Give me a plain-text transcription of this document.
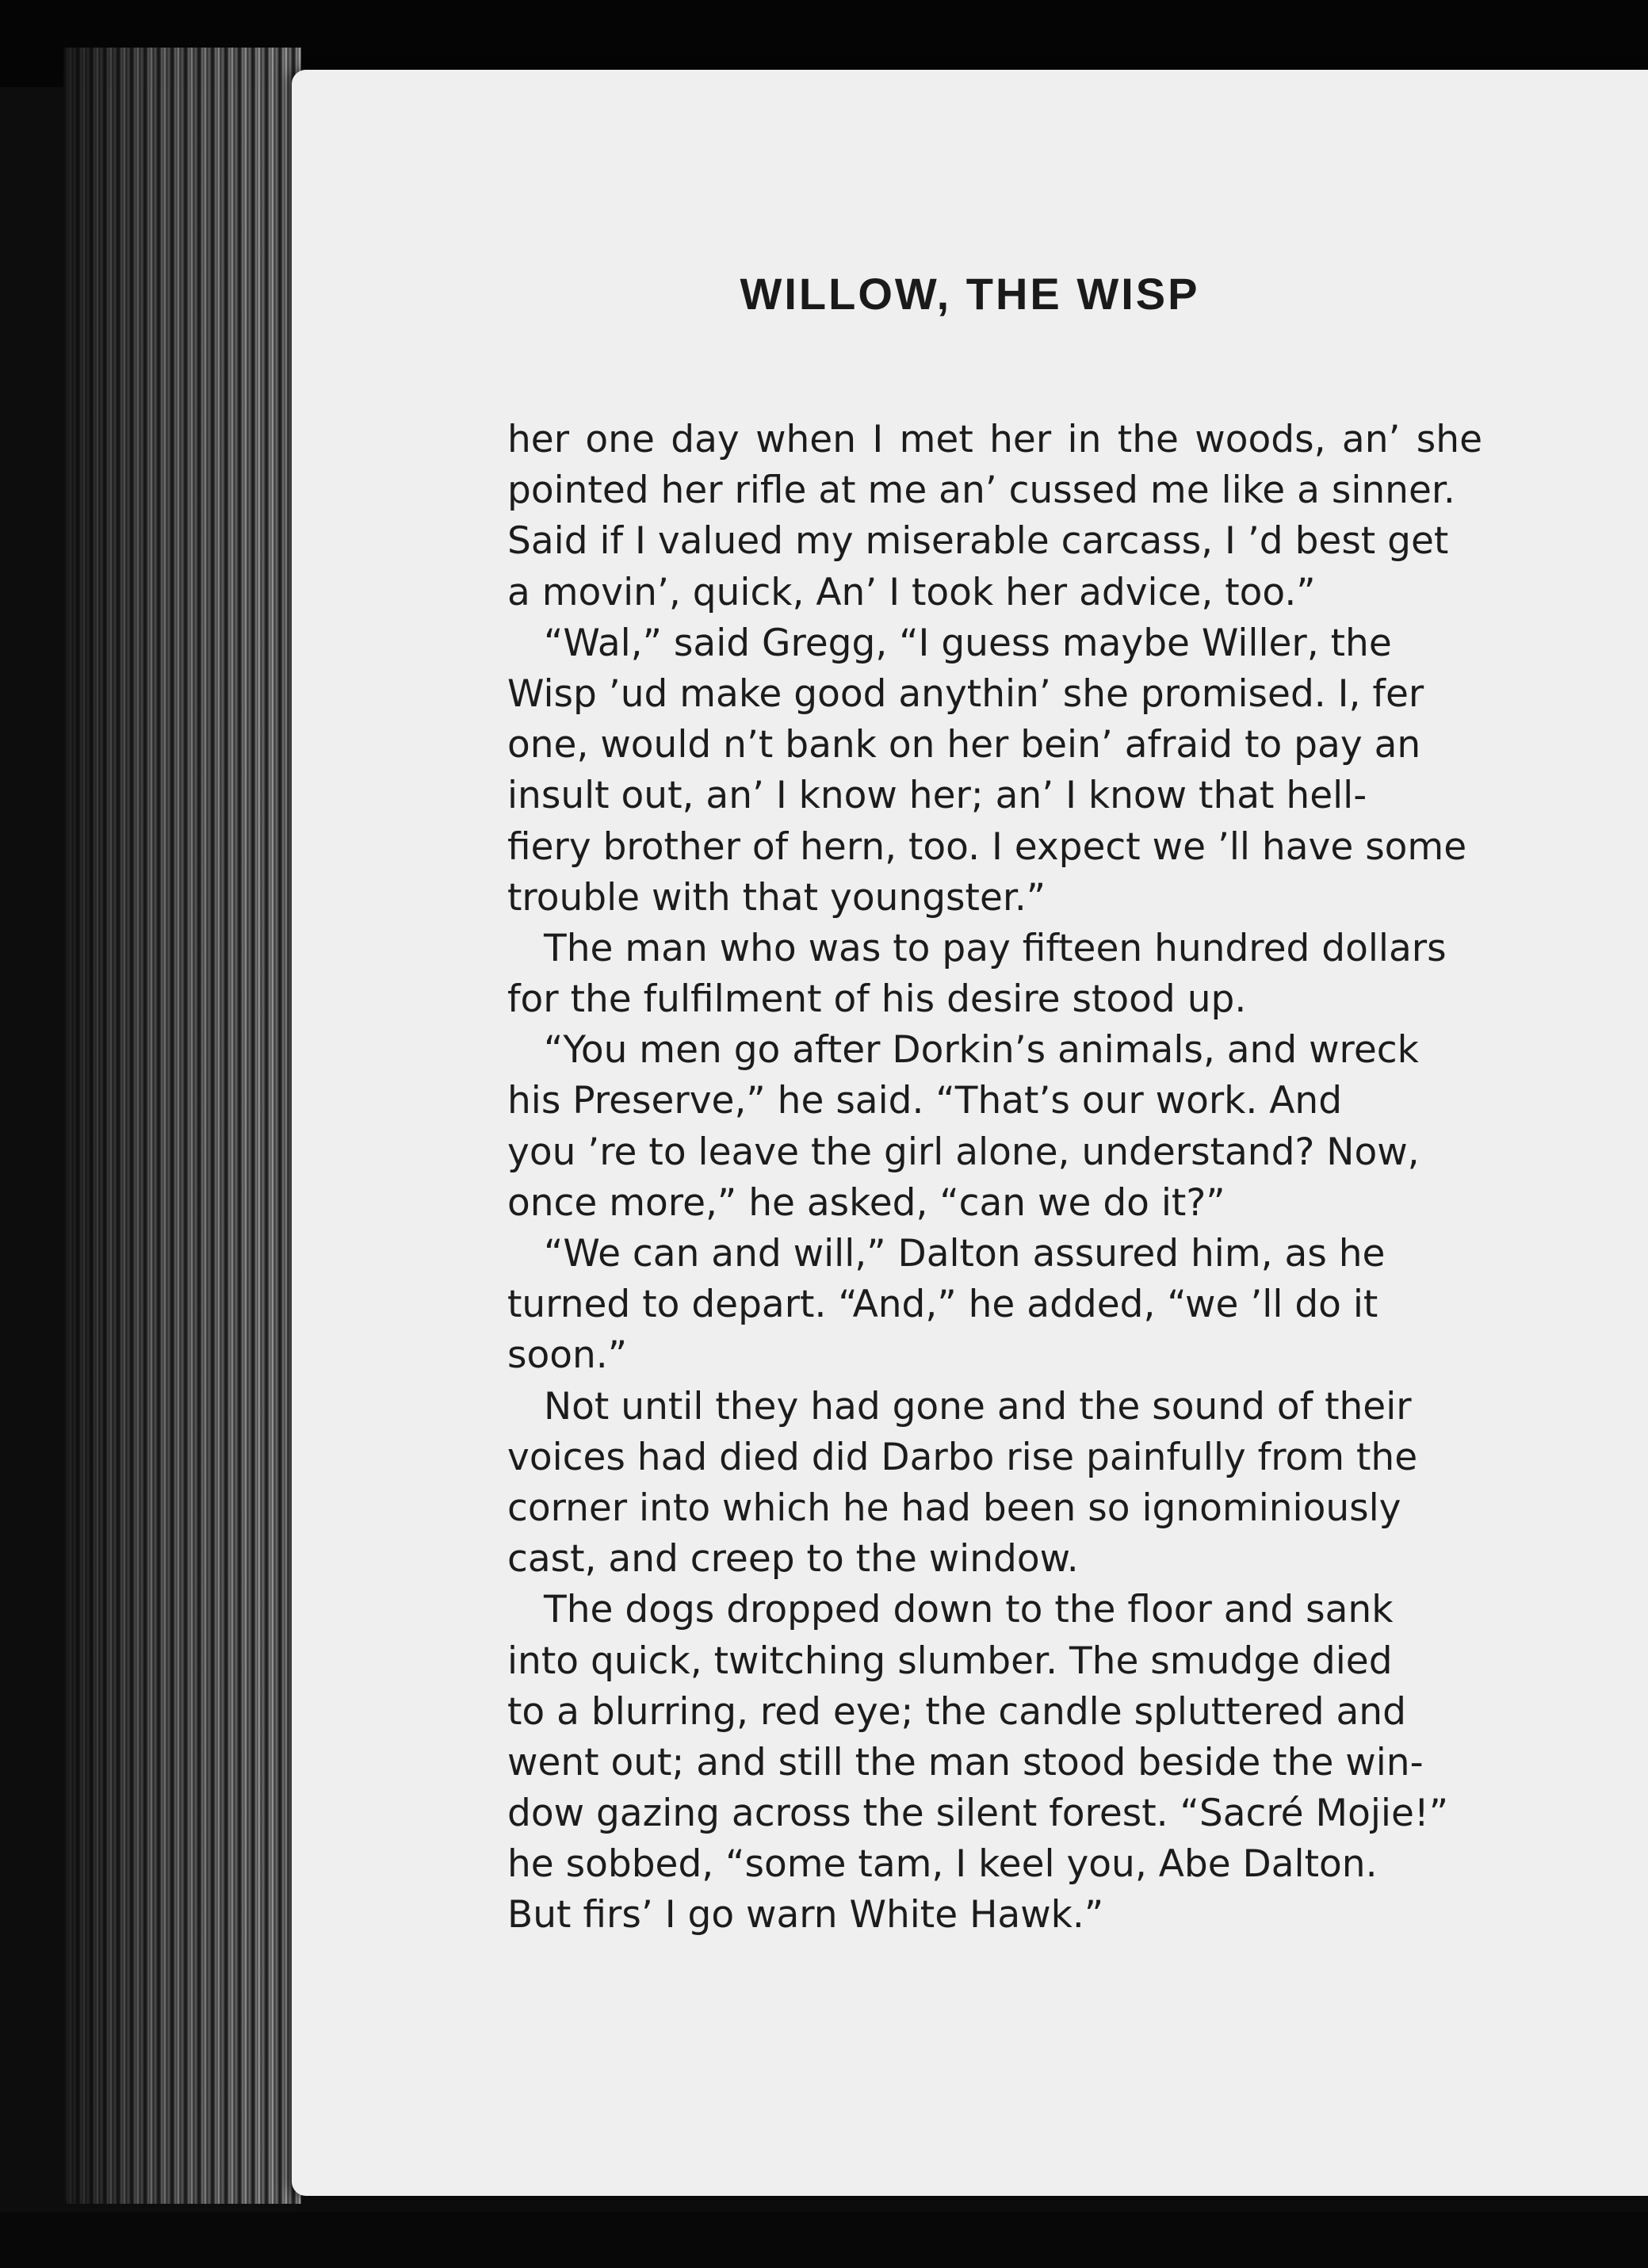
WILLOW, THE WISP
her one day when I met her in the woods, an’ she
pointed her rifle at me an’ cussed me like a sinner.
Said if I valued my miserable carcass, I ’d best get
a movin’, quick, An’ I took her advice, too.”
“Wal,” said Gregg, “I guess maybe Willer, the
Wisp ’ud make good anythin’ she promised. I, fer
one, would n’t bank on her bein’ afraid to pay an
insult out, an’ I know her; an’ I know that hell-
fiery brother of hern, too. I expect we ’ll have some
trouble with that youngster.”
The man who was to pay fifteen hundred dollars
for the fulfilment of his desire stood up.
“You men go after Dorkin’s animals, and wreck
his Preserve,” he said. “That’s our work. And
you ’re to leave the girl alone, understand? Now,
once more,” he asked, “can we do it?”
“We can and will,” Dalton assured him, as he
turned to depart. “And,” he added, “we ’ll do it
soon.”
Not until they had gone and the sound of their
voices had died did Darbo rise painfully from the
corner into which he had been so ignominiously
cast, and creep to the window.
The dogs dropped down to the floor and sank
into quick, twitching slumber. The smudge died
to a blurring, red eye; the candle spluttered and
went out; and still the man stood beside the win-
dow gazing across the silent forest. “Sacré Mojie!”
he sobbed, “some tam, I keel you, Abe Dalton.
But firs’ I go warn White Hawk.”
